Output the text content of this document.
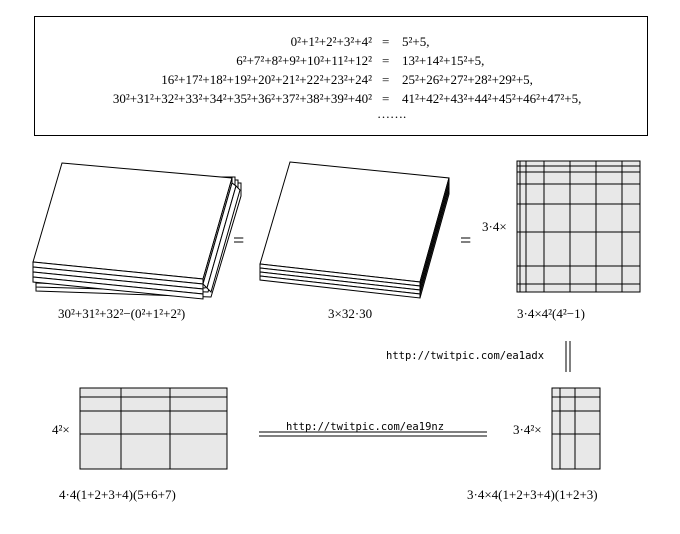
0²+1²+2²+3²+4² = 5²+5,
6²+7²+8²+9²+10²+11²+12² = 13²+14²+15²+5,
16²+17²+18²+19²+20²+21²+22²+23²+24² = 25²+26²+27²+28²+29²+5,
30²+31²+32²+33²+34²+35²+36²+37²+38²+39²+40² = 41²+42²+43²+44²+45²+46²+47²+5,
…….
=	=
3·4×
4²×	3·4²×
30²+31²+32²−(0²+1²+2²)	3×32·30	3·4×4²(4²−1)
4·4(1+2+3+4)(5+6+7)	3·4×4(1+2+3+4)(1+2+3)
http://twitpic.com/ea1adx
http://twitpic.com/ea19nz
